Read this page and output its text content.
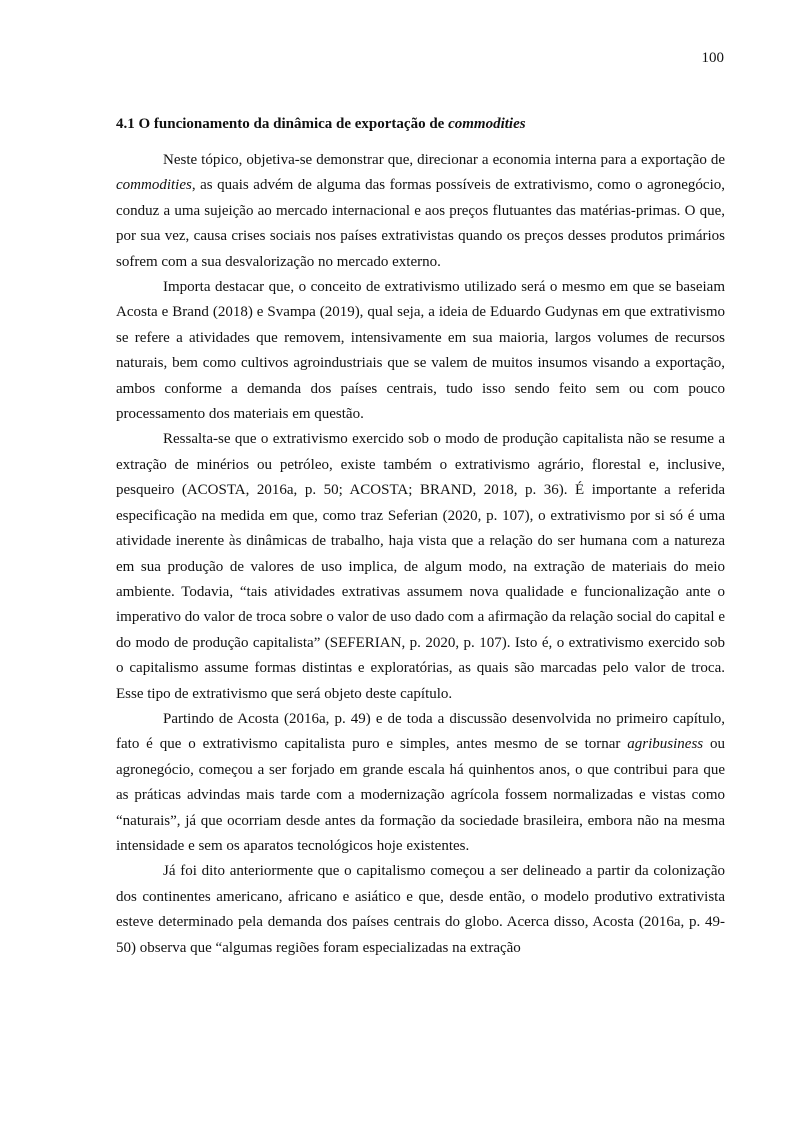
100
4.1 O funcionamento da dinâmica de exportação de commodities

Neste tópico, objetiva-se demonstrar que, direcionar a economia interna para a exportação de commodities, as quais advém de alguma das formas possíveis de extrativismo, como o agronegócio, conduz a uma sujeição ao mercado internacional e aos preços flutuantes das matérias-primas. O que, por sua vez, causa crises sociais nos países extrativistas quando os preços desses produtos primários sofrem com a sua desvalorização no mercado externo.

Importa destacar que, o conceito de extrativismo utilizado será o mesmo em que se baseiam Acosta e Brand (2018) e Svampa (2019), qual seja, a ideia de Eduardo Gudynas em que extrativismo se refere a atividades que removem, intensivamente em sua maioria, largos volumes de recursos naturais, bem como cultivos agroindustriais que se valem de muitos insumos visando a exportação, ambos conforme a demanda dos países centrais, tudo isso sendo feito sem ou com pouco processamento dos materiais em questão.

Ressalta-se que o extrativismo exercido sob o modo de produção capitalista não se resume a extração de minérios ou petróleo, existe também o extrativismo agrário, florestal e, inclusive, pesqueiro (ACOSTA, 2016a, p. 50; ACOSTA; BRAND, 2018, p. 36). É importante a referida especificação na medida em que, como traz Seferian (2020, p. 107), o extrativismo por si só é uma atividade inerente às dinâmicas de trabalho, haja vista que a relação do ser humana com a natureza em sua produção de valores de uso implica, de algum modo, na extração de materiais do meio ambiente. Todavia, “tais atividades extrativas assumem nova qualidade e funcionalização ante o imperativo do valor de troca sobre o valor de uso dado com a afirmação da relação social do capital e do modo de produção capitalista” (SEFERIAN, p. 2020, p. 107). Isto é, o extrativismo exercido sob o capitalismo assume formas distintas e exploratórias, as quais são marcadas pelo valor de troca. Esse tipo de extrativismo que será objeto deste capítulo.

Partindo de Acosta (2016a, p. 49) e de toda a discussão desenvolvida no primeiro capítulo, fato é que o extrativismo capitalista puro e simples, antes mesmo de se tornar agribusiness ou agronegócio, começou a ser forjado em grande escala há quinhentos anos, o que contribui para que as práticas advindas mais tarde com a modernização agrícola fossem normalizadas e vistas como “naturais”, já que ocorriam desde antes da formação da sociedade brasileira, embora não na mesma intensidade e sem os aparatos tecnológicos hoje existentes.

Já foi dito anteriormente que o capitalismo começou a ser delineado a partir da colonização dos continentes americano, africano e asiático e que, desde então, o modelo produtivo extrativista esteve determinado pela demanda dos países centrais do globo. Acerca disso, Acosta (2016a, p. 49-50) observa que “algumas regiões foram especializadas na extração
